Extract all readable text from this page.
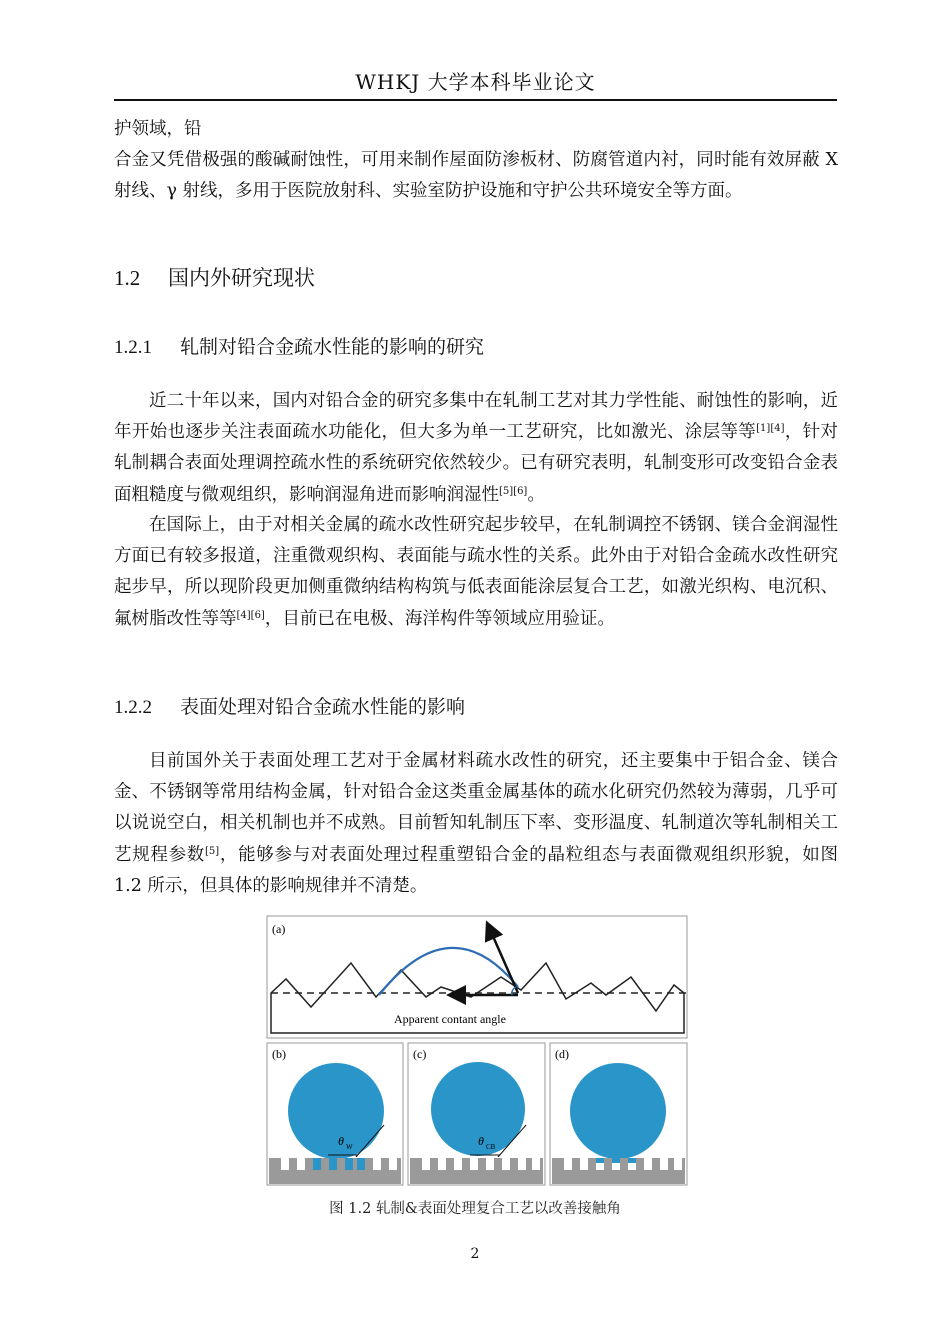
WHKJ 大学本科毕业论文
护领域，铅
合金又凭借极强的酸碱耐蚀性，可用来制作屋面防渗板材、防腐管道内衬，同时能有效屏蔽 X 射线、γ 射线，多用于医院放射科、实验室防护设施和守护公共环境安全等方面。
1.2 国内外研究现状
1.2.1 轧制对铅合金疏水性能的影响的研究

近二十年以来，国内对铅合金的研究多集中在轧制工艺对其力学性能、耐蚀性的影响，近年开始也逐步关注表面疏水功能化，但大多为单一工艺研究，比如激光、涂层等等[1][4]，针对轧制耦合表面处理调控疏水性的系统研究依然较少。已有研究表明，轧制变形可改变铅合金表面粗糙度与微观组织，影响润湿角进而影响润湿性[5][6]。

在国际上，由于对相关金属的疏水改性研究起步较早，在轧制调控不锈钢、镁合金润湿性方面已有较多报道，注重微观织构、表面能与疏水性的关系。此外由于对铅合金疏水改性研究起步早，所以现阶段更加侧重微纳结构构筑与低表面能涂层复合工艺，如激光织构、电沉积、氟树脂改性等等[4][6]，目前已在电极、海洋构件等领域应用验证。

1.2.2 表面处理对铅合金疏水性能的影响

目前国外关于表面处理工艺对于金属材料疏水改性的研究，还主要集中于铝合金、镁合金、不锈钢等常用结构金属，针对铅合金这类重金属基体的疏水化研究仍然较为薄弱，几乎可以说说空白，相关机制也并不成熟。目前暂知轧制压下率、变形温度、轧制道次等轧制相关工艺规程参数[5]，能够参与对表面处理过程重塑铅合金的晶粒组态与表面微观组织形貌，如图 1.2 所示，但具体的影响规律并不清楚。

(a)
Apparent contant angle
(b)
θ W
(c)
θ CB
(d)
图 1.2 轧制&表面处理复合工艺以改善接触角
2
